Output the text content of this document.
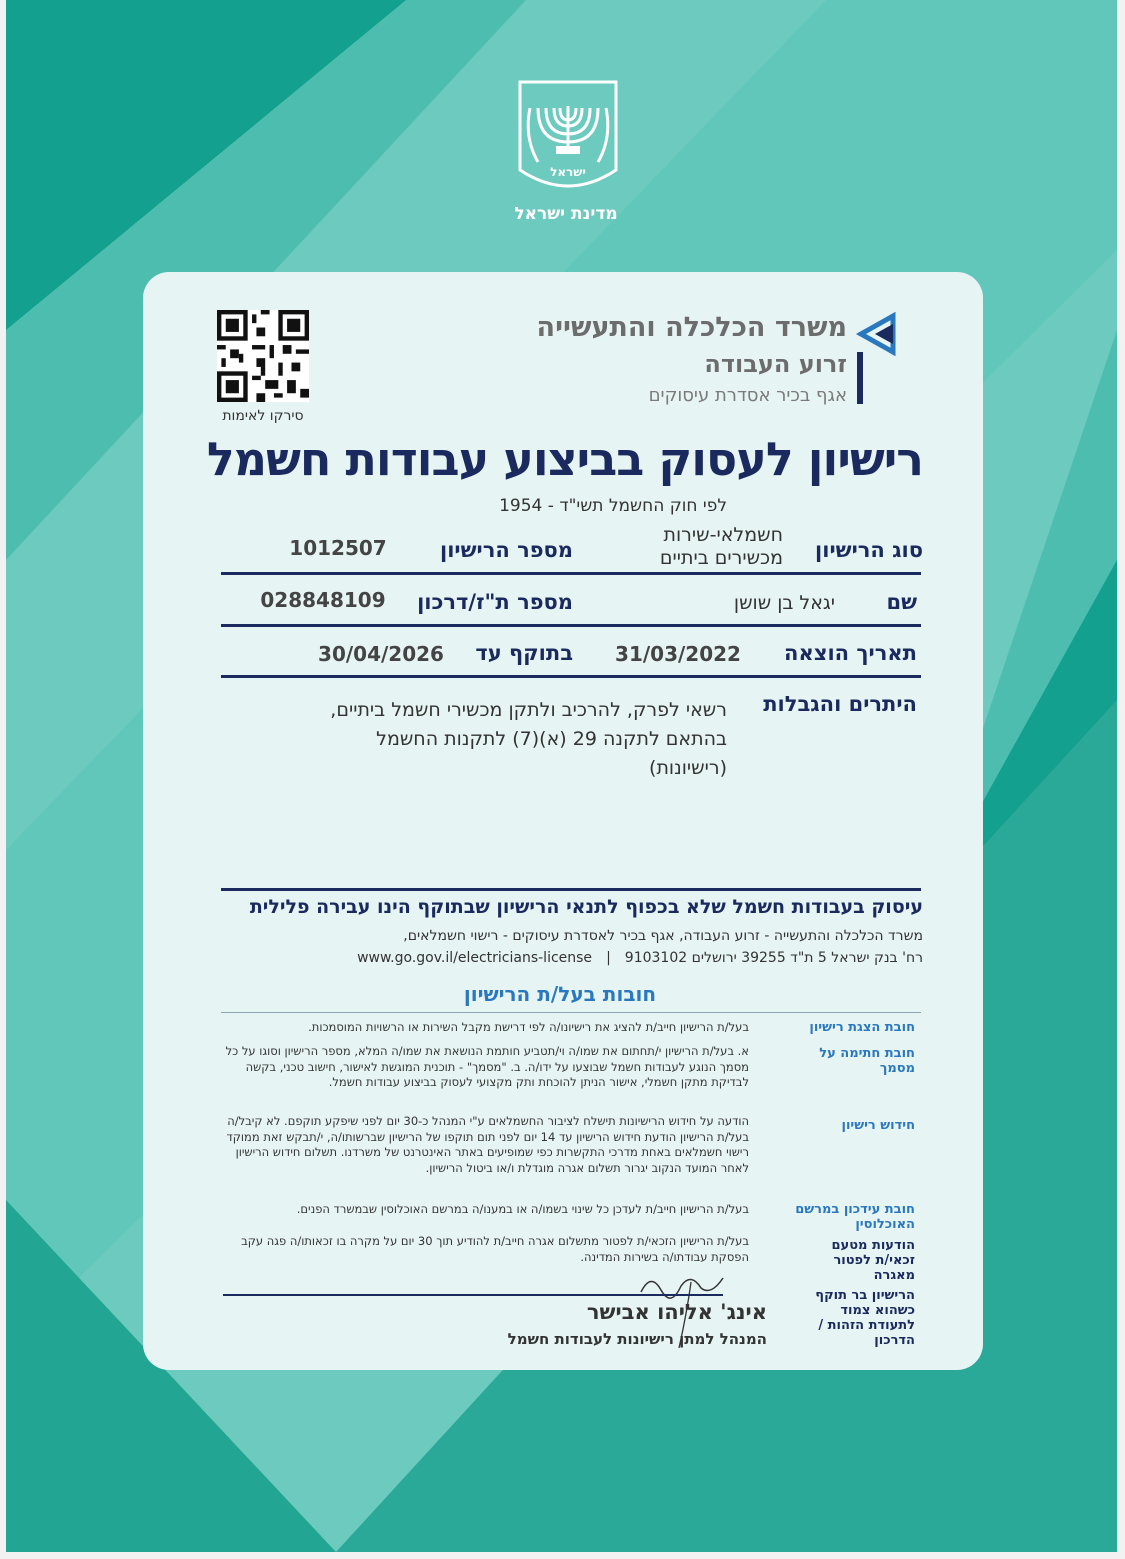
ישראל
מדינת ישראל
סירקו לאימות
משרד הכלכלה והתעשייה
זרוע העבודה
אגף בכיר אסדרת עיסוקים
רישיון לעסוק בביצוע עבודות חשמל
לפי חוק החשמל תשי"ד - 1954
סוג הרישיון
חשמלאי-שירות
מכשירים ביתיים
מספר הרישיון
1012507
שם
יגאל בן שושן
מספר ת"ז/דרכון
028848109
תאריך הוצאה
31/03/2022
בתוקף עד
30/04/2026
היתרים והגבלות
רשאי לפרק, להרכיב ולתקן מכשירי חשמל ביתיים, בהתאם לתקנה 29 (א)(7) לתקנות החשמל (רישיונות)
עיסוק בעבודות חשמל שלא בכפוף לתנאי הרישיון שבתוקף הינו עבירה פלילית
משרד הכלכלה והתעשייה - זרוע העבודה, אגף בכיר לאסדרת עיסוקים - רישוי חשמלאים,
רח' בנק ישראל 5 ת"ד 39255 ירושלים 9103102
|
www.go.gov.il/electricians-license
חובות בעל/ת הרישיון
חובת הצגת רישיון
בעל/ת הרישיון חייב/ת להציג את רישיונו/ה לפי דרישת מקבל השירות או הרשויות המוסמכות.
חובת חתימה על מסמך
א. בעל/ת הרישיון י/תחתום את שמו/ה וי/תטביע חותמת הנושאת את שמו/ה המלא, מספר הרישיון וסוגו על כל מסמך הנוגע לעבודות חשמל שבוצעו על ידו/ה. ב. "מסמך" - תוכנית המוגשת לאישור, חישוב טכני, בקשה לבדיקת מתקן חשמלי, אישור הניתן להוכחת ותק מקצועי לעסוק בביצוע עבודות חשמל.
חידוש רישיון
הודעה על חידוש הרישיונות תישלח לציבור החשמלאים ע"י המנהל כ-30 יום לפני שיפקע תוקפם. לא קיבל/ה בעל/ת הרישיון הודעת חידוש הרישיון עד 14 יום לפני תום תוקפו של הרישיון שברשותו/ה, י/תבקש זאת ממוקד רישוי חשמלאים באחת מדרכי התקשרות כפי שמופיעים באתר האינטרנט של משרדנו. תשלום חידוש הרישיון לאחר המועד הנקוב יגרור תשלום אגרה מוגדלת ו/או ביטול הרישיון.
חובת עידכון במרשם האוכלוסין
בעל/ת הרישיון חייב/ת לעדכן כל שינוי בשמו/ה או במענו/ה במרשם האוכלוסין שבמשרד הפנים.
הודעות מטעם זכאי/ת לפטור מאגרה
בעל/ת הרישיון הזכאי/ת לפטור מתשלום אגרה חייב/ת להודיע תוך 30 יום על מקרה בו זכאותו/ה פגה עקב הפסקת עבודתו/ה בשירות המדינה.
הרישיון בר תוקף כשהוא צמוד לתעודת הזהות / הדרכון
אינג' אליהו אבישר
המנהל למתן רישיונות לעבודות חשמל
